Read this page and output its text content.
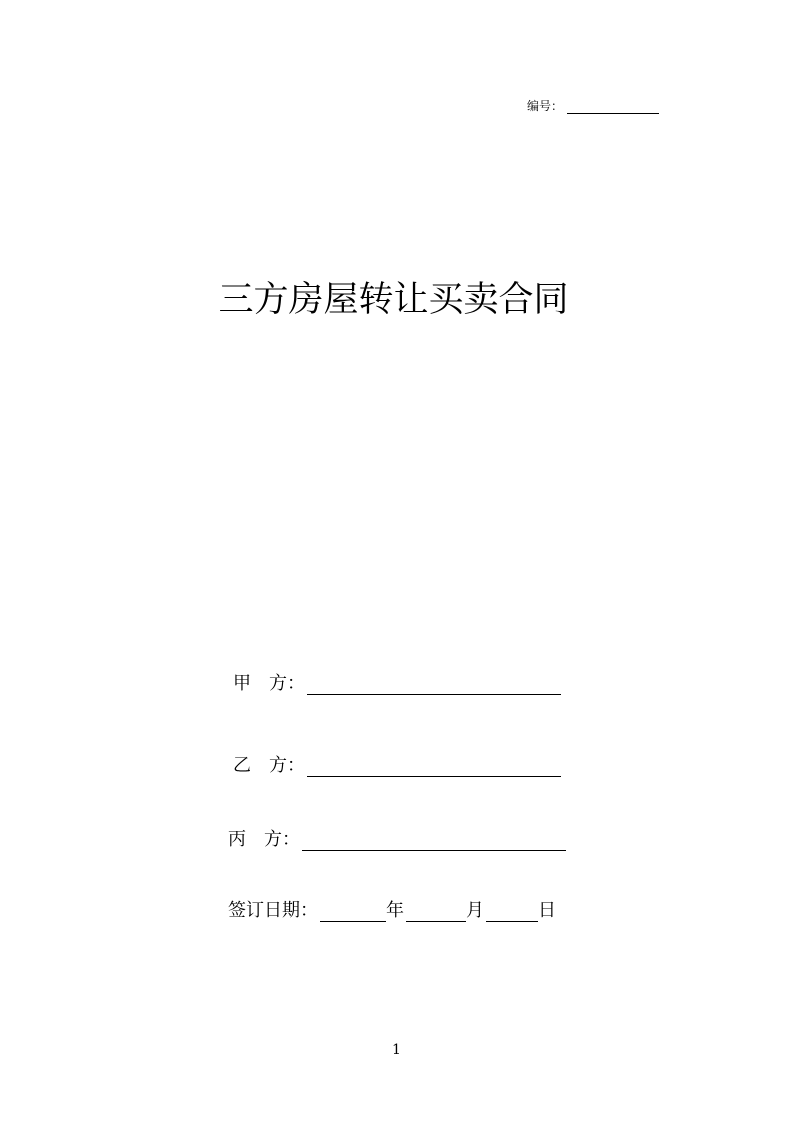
编号：
三方房屋转让买卖合同
甲　方：
乙　方：
丙　方：
签订日期：	年	月	日
1
